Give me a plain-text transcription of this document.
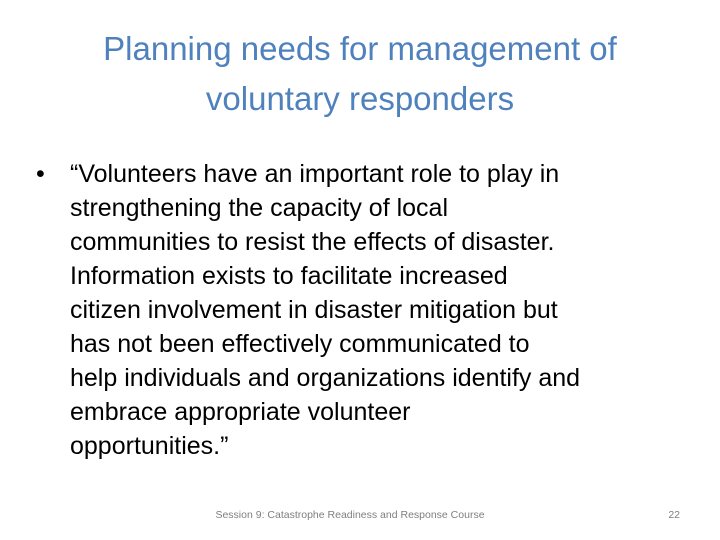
Planning needs for management of
voluntary responders
•	“Volunteers have an important role to play in
strengthening the capacity of local
communities to resist the effects of disaster.
Information exists to facilitate increased
citizen involvement in disaster mitigation but
has not been effectively communicated to
help individuals and organizations identify and
embrace appropriate volunteer
opportunities.”
Session 9: Catastrophe Readiness and Response Course	22
